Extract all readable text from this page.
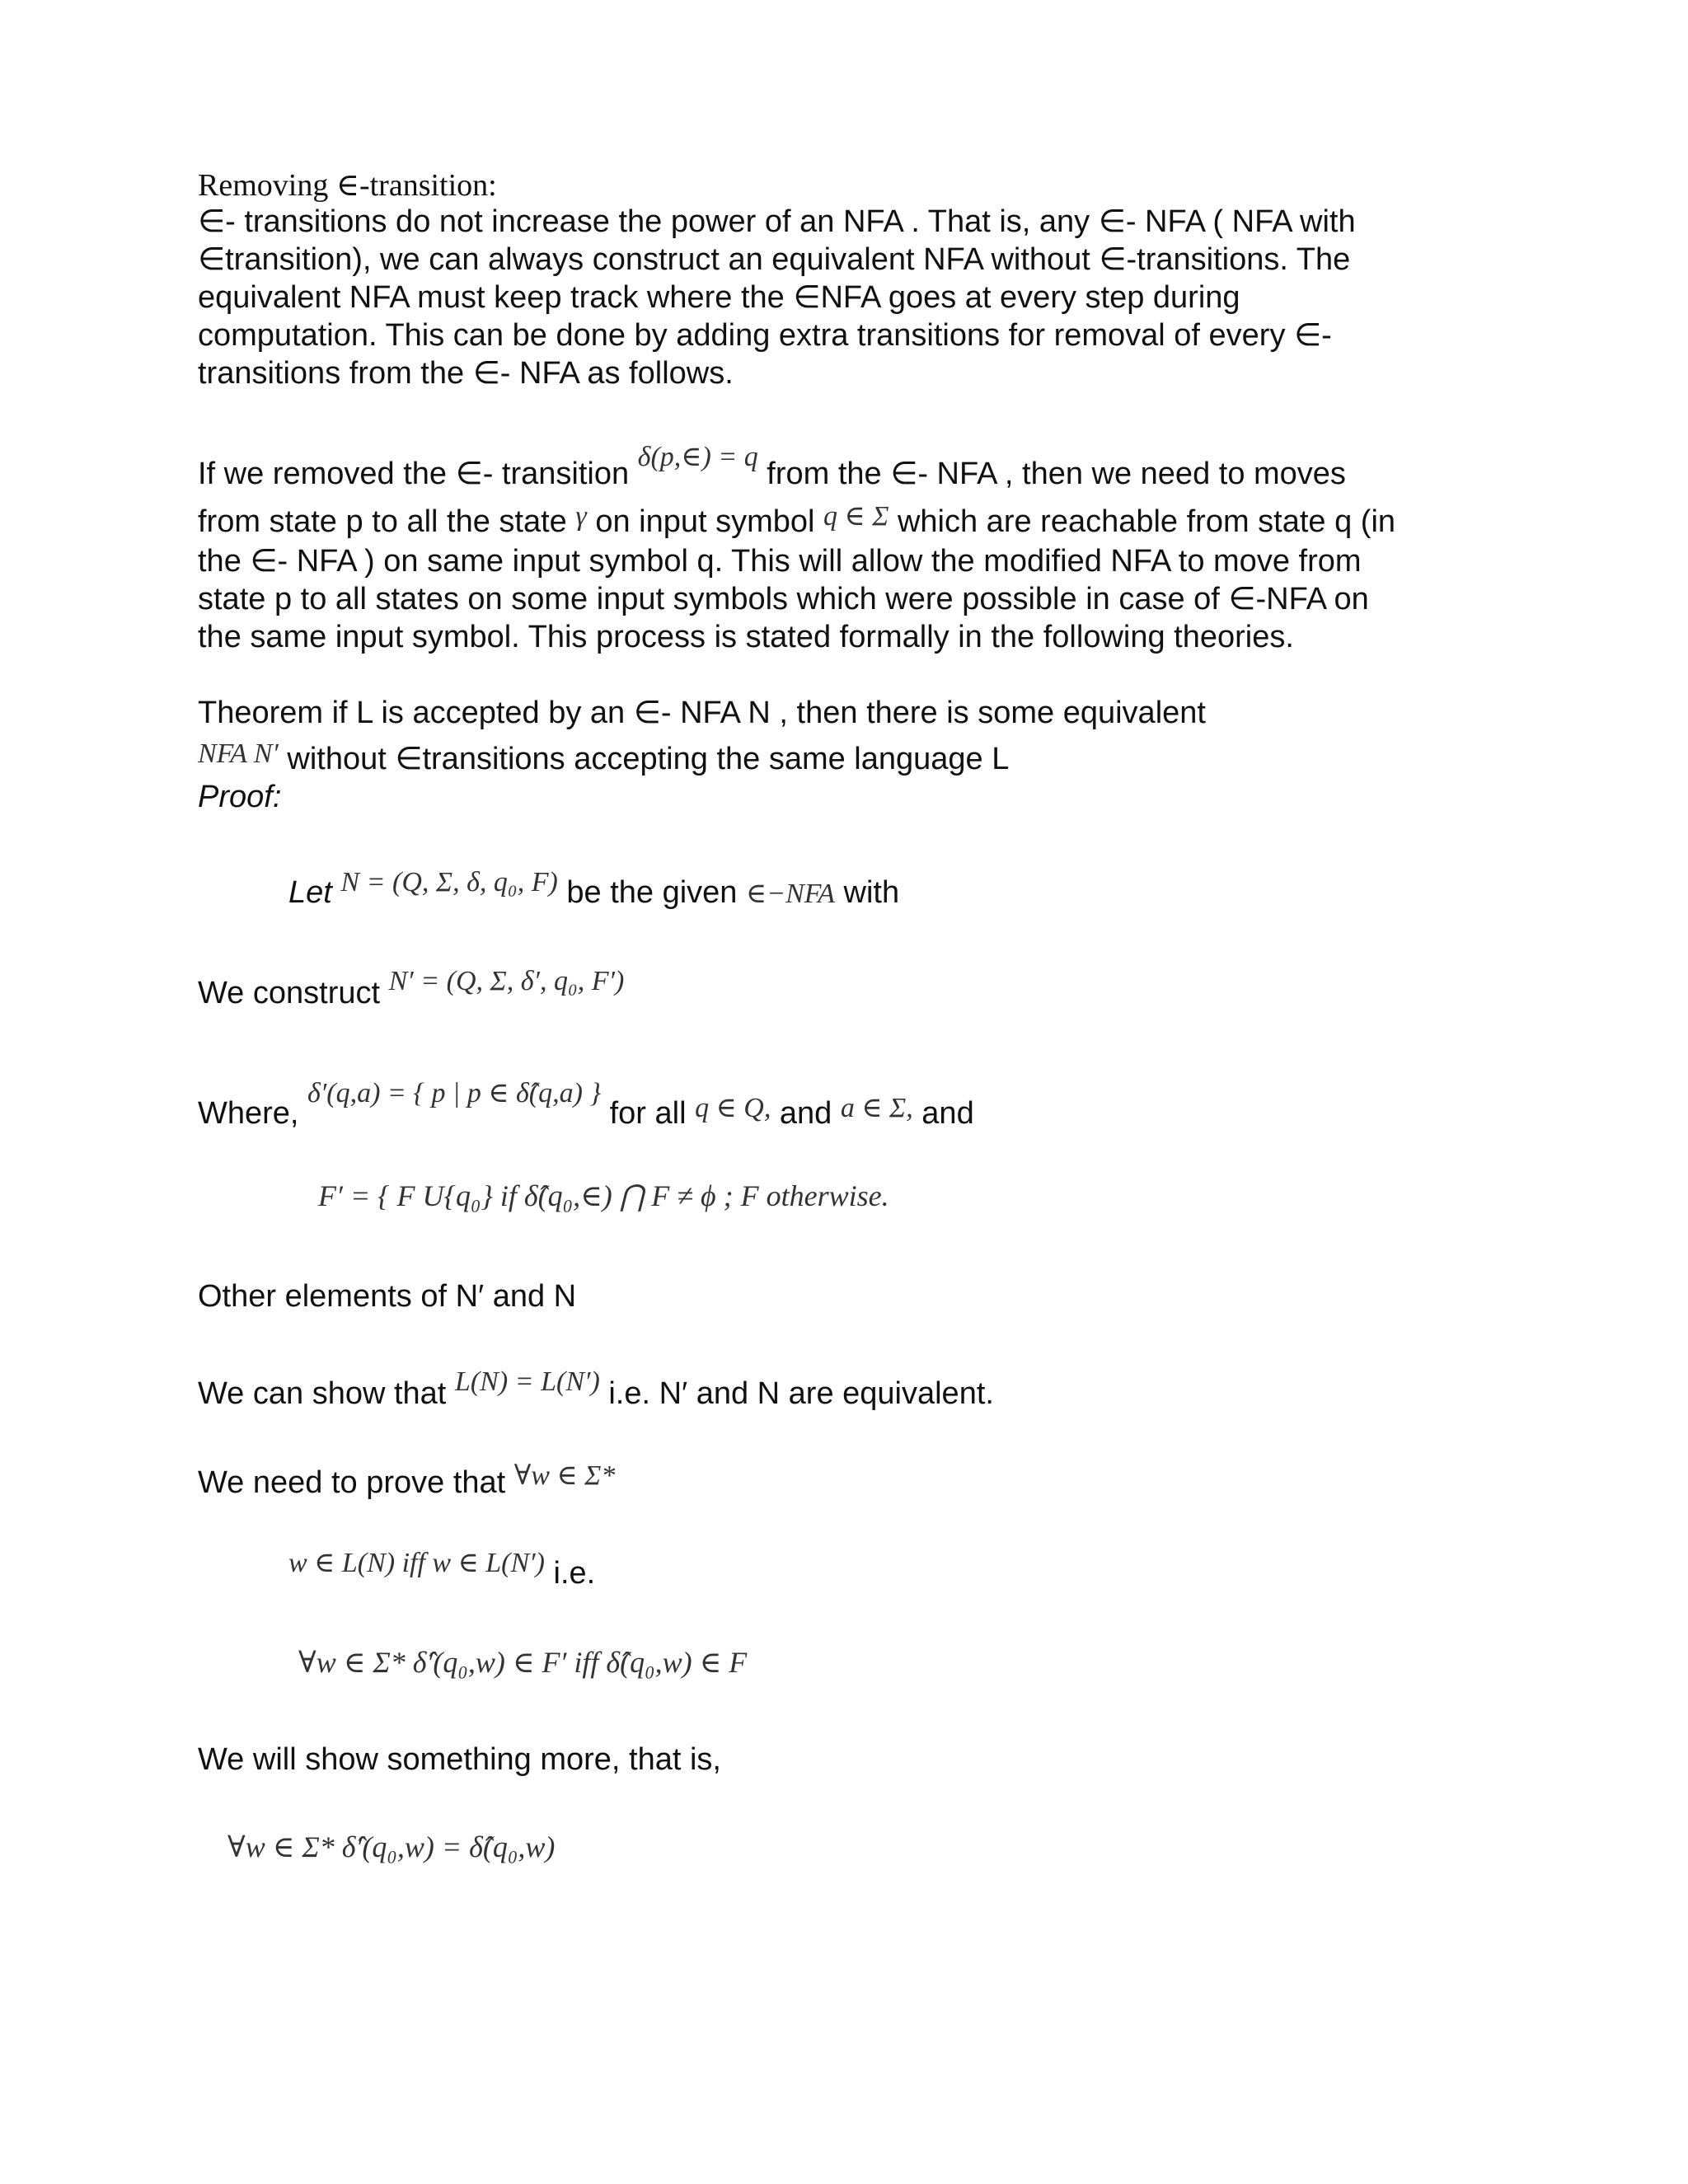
Removing ∈-transition:

∈- transitions do not increase the power of an NFA . That is, any ∈- NFA ( NFA with

∈transition), we can always construct an equivalent NFA without ∈-transitions. The

equivalent NFA must keep track where the ∈NFA goes at every step during

computation. This can be done by adding extra transitions for removal of every ∈-

transitions from the ∈- NFA as follows.

If we removed the ∈- transition δ(p,∈) = q from the ∈- NFA , then we need to moves
from state p to all the state γ on input symbol q ∈ Σ which are reachable from state q (in

the ∈- NFA ) on same input symbol q. This will allow the modified NFA to move from

state p to all states on some input symbols which were possible in case of ∈-NFA on

the same input symbol. This process is stated formally in the following theories.

Theorem if L is accepted by an ∈- NFA N , then there is some equivalent
NFA N′ without ∈transitions accepting the same language L
Proof:
Let N = (Q, Σ, δ, q₀, F) be the given ∈−NFA with
We construct N′ = (Q, Σ, δ′, q₀, F′)
Where, δ′(q,a) = { p | p ∈ δ̂(q,a) } for all q ∈ Q, and a ∈ Σ, and
F′ = { F U{q₀} if δ̂(q₀,∈) ⋂ F ≠ ϕ ; F otherwise.
Other elements of N′ and N
We can show that L(N) = L(N′) i.e. N′ and N are equivalent.
We need to prove that ∀w ∈ Σ*
w ∈ L(N) iff w ∈ L(N′) i.e.
∀w ∈ Σ* δ̂′(q₀,w) ∈ F′ iff δ̂(q₀,w) ∈ F
We will show something more, that is,
∀w ∈ Σ* δ̂′(q₀,w) = δ̂(q₀,w)
